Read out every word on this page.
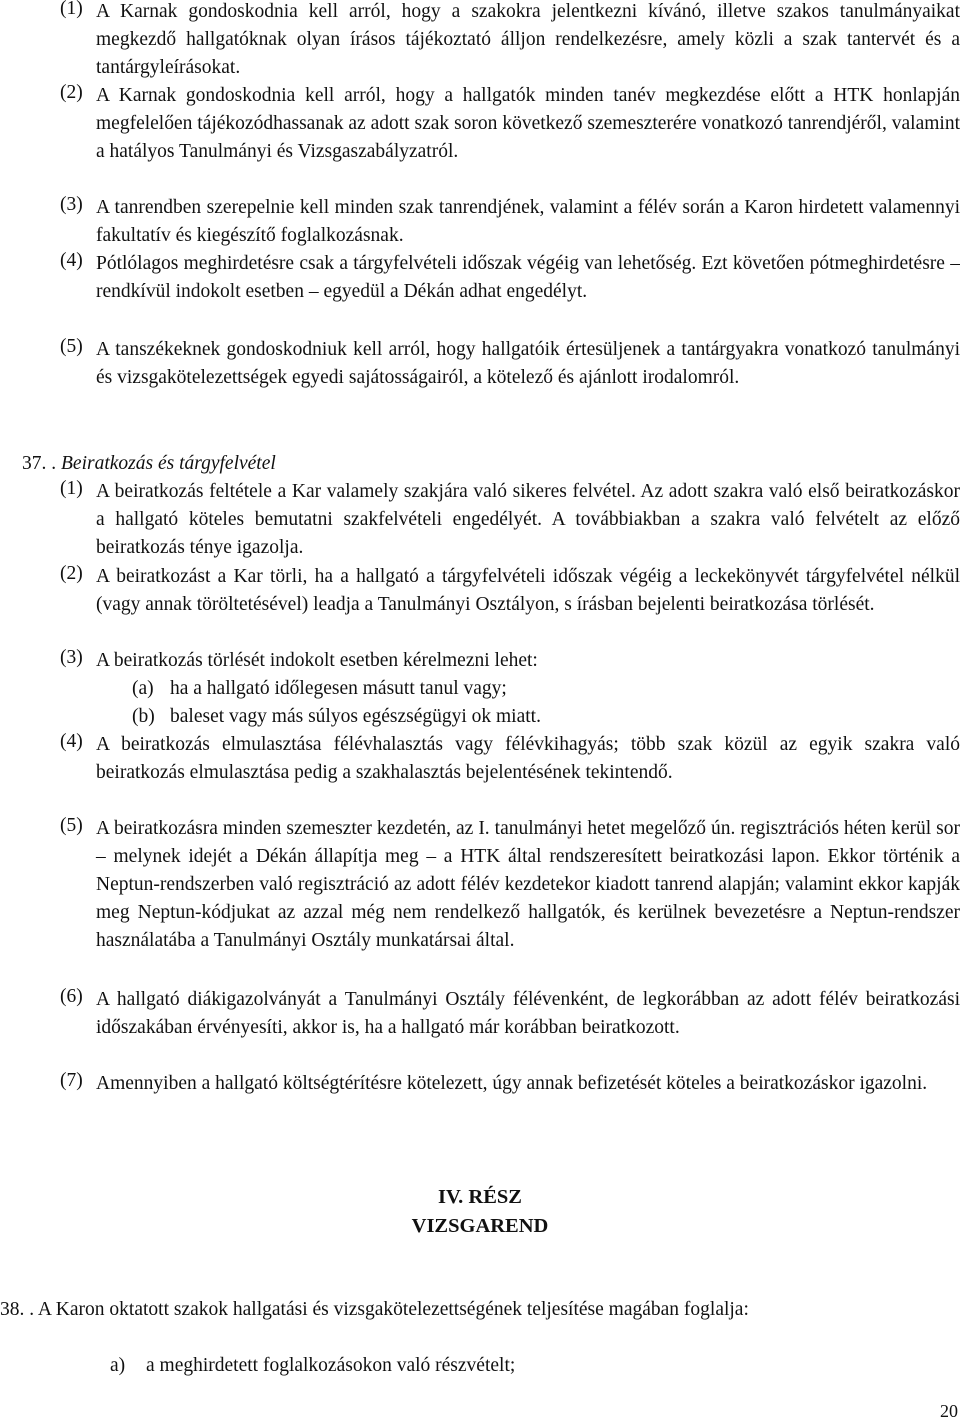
(1) A Karnak gondoskodnia kell arról, hogy a szakokra jelentkezni kívánó, illetve szakos tanulmányaikat megkezdő hallgatóknak olyan írásos tájékoztató álljon rendelkezésre, amely közli a szak tantervét és a tantárgyleírásokat.
(2) A Karnak gondoskodnia kell arról, hogy a hallgatók minden tanév megkezdése előtt a HTK honlapján megfelelően tájékozódhassanak az adott szak soron következő szemeszterére vonatkozó tanrendjéről, valamint a hatályos Tanulmányi és Vizsgaszabályzatról.
(3) A tanrendben szerepelnie kell minden szak tanrendjének, valamint a félév során a Karon hirdetett valamennyi fakultatív és kiegészítő foglalkozásnak.
(4) Pótlólagos meghirdetésre csak a tárgyfelvételi időszak végéig van lehetőség. Ezt követően pótmeghirdetésre – rendkívül indokolt esetben – egyedül a Dékán adhat engedélyt.
(5) A tanszékeknek gondoskodniuk kell arról, hogy hallgatóik értesüljenek a tantárgyakra vonatkozó tanulmányi és vizsgakötelezettségek egyedi sajátosságairól, a kötelező és ajánlott irodalomról.
37. . Beiratkozás és tárgyfelvétel
(1) A beiratkozás feltétele a Kar valamely szakjára való sikeres felvétel. Az adott szakra való első beiratkozáskor a hallgató köteles bemutatni szakfelvételi engedélyét. A továbbiakban a szakra való felvételt az előző beiratkozás ténye igazolja.
(2) A beiratkozást a Kar törli, ha a hallgató a tárgyfelvételi időszak végéig a leckekönyvét tárgyfelvétel nélkül (vagy annak töröltetésével) leadja a Tanulmányi Osztályon, s írásban bejelenti beiratkozása törlését.
(3) A beiratkozás törlését indokolt esetben kérelmezni lehet:
(a) ha a hallgató időlegesen másutt tanul vagy;
(b) baleset vagy más súlyos egészségügyi ok miatt.
(4) A beiratkozás elmulasztása félévhalasztás vagy félévkihagyás; több szak közül az egyik szakra való beiratkozás elmulasztása pedig a szakhalasztás bejelentésének tekintendő.
(5) A beiratkozásra minden szemeszter kezdetén, az I. tanulmányi hetet megelőző ún. regisztrációs héten kerül sor – melynek idejét a Dékán állapítja meg – a HTK által rendszeresített beiratkozási lapon. Ekkor történik a Neptun-rendszerben való regisztráció az adott félév kezdetekor kiadott tanrend alapján; valamint ekkor kapják meg Neptun-kódjukat az azzal még nem rendelkező hallgatók, és kerülnek bevezetésre a Neptun-rendszer használatába a Tanulmányi Osztály munkatársai által.
(6) A hallgató diákigazolványát a Tanulmányi Osztály félévenként, de legkorábban az adott félév beiratkozási időszakában érvényesíti, akkor is, ha a hallgató már korábban beiratkozott.
(7) Amennyiben a hallgató költségtérítésre kötelezett, úgy annak befizetését köteles a beiratkozáskor igazolni.
IV. RÉSZ
VIZSGAREND
38. . A Karon oktatott szakok hallgatási és vizsgakötelezettségének teljesítése magában foglalja:
a) a meghirdetett foglalkozásokon való részvételt;
20
